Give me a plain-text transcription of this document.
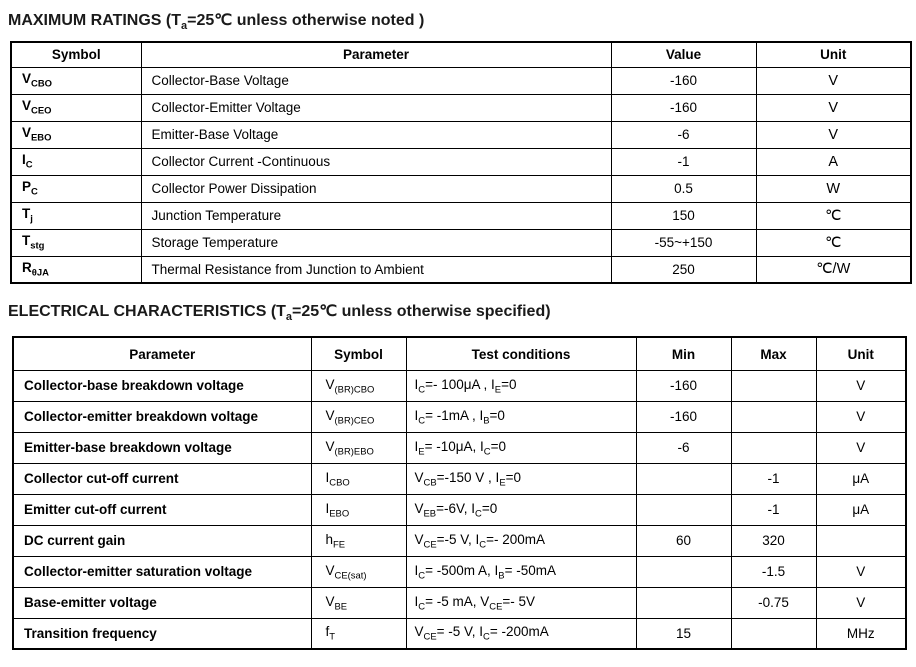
MAXIMUM RATINGS ($T_a=25℃$ unless otherwise noted )
Symbol	Parameter	Value	Unit
$V_{CBO}$	Collector-Base Voltage	-160	V
$V_{CEO}$	Collector-Emitter Voltage	-160	V
$V_{EBO}$	Emitter-Base Voltage	-6	V
$I_C$	Collector Current -Continuous	-1	A
$P_C$	Collector Power Dissipation	0.5	W
$T_j$	Junction Temperature	150	℃
$T_{stg}$	Storage Temperature	-55~+150	℃
$R_{\theta JA}$	Thermal Resistance from Junction to Ambient	250	℃/W
ELECTRICAL CHARACTERISTICS ($T_a=25℃$ unless otherwise specified)
Parameter	Symbol	Test conditions	Min	Max	Unit
Collector-base breakdown voltage	$V_{(BR)CBO}$	$I_C=-$ 100μA , $I_E=0$	-160		V
Collector-emitter breakdown voltage	$V_{(BR)CEO}$	$I_C= -1mA$ , $I_B=0$	-160		V
Emitter-base breakdown voltage	$V_{(BR)EBO}$	$I_E= -10\mu A$, $I_C=0$	-6		V
Collector cut-off current	$I_{CBO}$	$V_{CB}=-150$ V , $I_E=0$		-1	μA
Emitter cut-off current	$I_{EBO}$	$V_{EB}=-6V$, $I_C=0$		-1	μA
DC current gain	$h_{FE}$	$V_{CE}=-5$ V, $I_C=-$ 200mA	60	320	
Collector-emitter saturation voltage	$V_{CE(sat)}$	$I_C= -500m$ A, $I_B= -50mA$		-1.5	V
Base-emitter voltage	$V_{BE}$	$I_C= -5$ mA, $V_{CE}=-$ 5V		-0.75	V
Transition frequency	$f_T$	$V_{CE}= -5$ V, $I_C= -200mA$	15		MHz
